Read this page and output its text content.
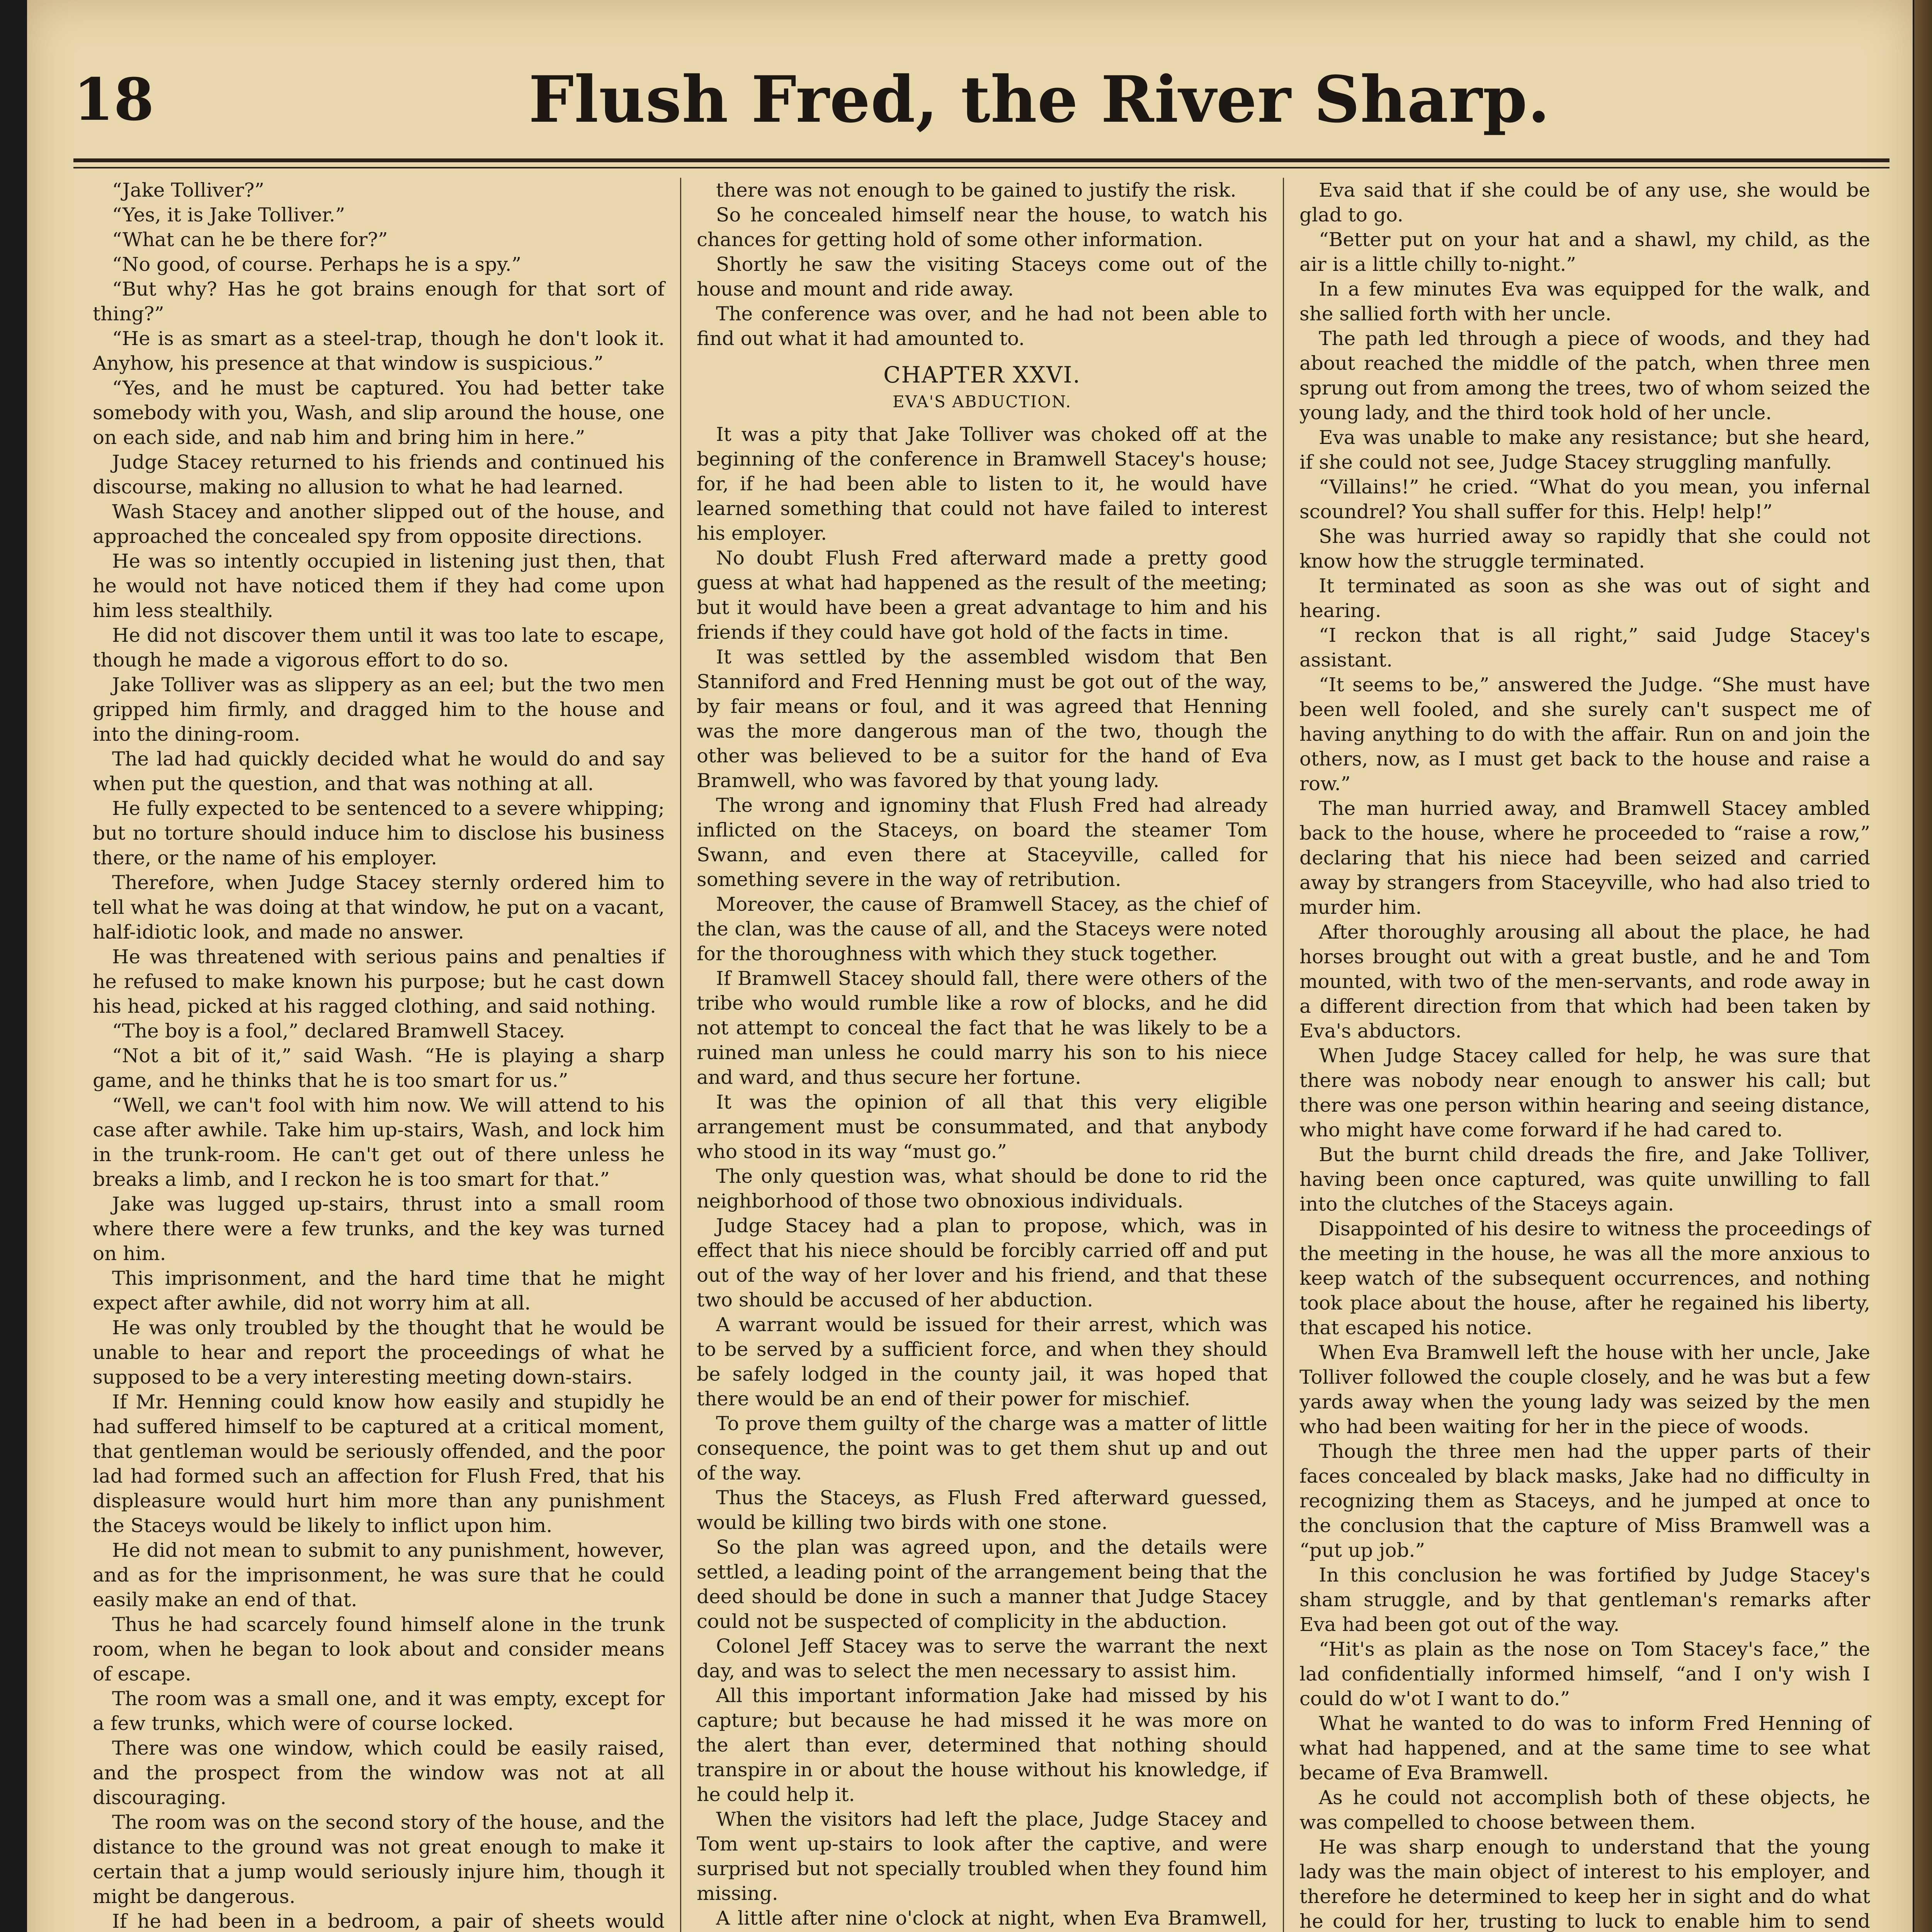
18	Flush Fred, the River Sharp.

“Jake Tolliver?”

“Yes, it is Jake Tolliver.”

“What can he be there for?”

“No good, of course. Perhaps he is a spy.”

“But why? Has he got brains enough for that sort of thing?”

“He is as smart as a steel-trap, though he don't look it. Anyhow, his presence at that window is suspicious.”

“Yes, and he must be captured. You had better take somebody with you, Wash, and slip around the house, one on each side, and nab him and bring him in here.”

Judge Stacey returned to his friends and continued his discourse, making no allusion to what he had learned.

Wash Stacey and another slipped out of the house, and approached the concealed spy from opposite directions.

He was so intently occupied in listening just then, that he would not have noticed them if they had come upon him less stealthily.

He did not discover them until it was too late to escape, though he made a vigorous effort to do so.

Jake Tolliver was as slippery as an eel; but the two men gripped him firmly, and dragged him to the house and into the dining-room.

The lad had quickly decided what he would do and say when put the question, and that was nothing at all.

He fully expected to be sentenced to a severe whipping; but no torture should induce him to disclose his business there, or the name of his employer.

Therefore, when Judge Stacey sternly ordered him to tell what he was doing at that window, he put on a vacant, half-idiotic look, and made no answer.

He was threatened with serious pains and penalties if he refused to make known his purpose; but he cast down his head, picked at his ragged clothing, and said nothing.

“The boy is a fool,” declared Bramwell Stacey.

“Not a bit of it,” said Wash. “He is playing a sharp game, and he thinks that he is too smart for us.”

“Well, we can't fool with him now. We will attend to his case after awhile. Take him up-stairs, Wash, and lock him in the trunk-room. He can't get out of there unless he breaks a limb, and I reckon he is too smart for that.”

Jake was lugged up-stairs, thrust into a small room where there were a few trunks, and the key was turned on him.

This imprisonment, and the hard time that he might expect after awhile, did not worry him at all.

He was only troubled by the thought that he would be unable to hear and report the proceedings of what he supposed to be a very interesting meeting down-stairs.

If Mr. Henning could know how easily and stupidly he had suffered himself to be captured at a critical moment, that gentleman would be seriously offended, and the poor lad had formed such an affection for Flush Fred, that his displeasure would hurt him more than any punishment the Staceys would be likely to inflict upon him.

He did not mean to submit to any punishment, however, and as for the imprisonment, he was sure that he could easily make an end of that.

Thus he had scarcely found himself alone in the trunk room, when he began to look about and consider means of escape.

The room was a small one, and it was empty, except for a few trunks, which were of course locked.

There was one window, which could be easily raised, and the prospect from the window was not at all discouraging.

The room was on the second story of the house, and the distance to the ground was not great enough to make it certain that a jump would seriously injure him, though it might be dangerous.

If he had been in a bedroom, a pair of sheets would

there was not enough to be gained to justify the risk.

So he concealed himself near the house, to watch his chances for getting hold of some other information.

Shortly he saw the visiting Staceys come out of the house and mount and ride away.

The conference was over, and he had not been able to find out what it had amounted to.

CHAPTER XXVI.
EVA'S ABDUCTION.

It was a pity that Jake Tolliver was choked off at the beginning of the conference in Bramwell Stacey's house; for, if he had been able to listen to it, he would have learned something that could not have failed to interest his employer.

No doubt Flush Fred afterward made a pretty good guess at what had happened as the result of the meeting; but it would have been a great advantage to him and his friends if they could have got hold of the facts in time.

It was settled by the assembled wisdom that Ben Stanniford and Fred Henning must be got out of the way, by fair means or foul, and it was agreed that Henning was the more dangerous man of the two, though the other was believed to be a suitor for the hand of Eva Bramwell, who was favored by that young lady.

The wrong and ignominy that Flush Fred had already inflicted on the Staceys, on board the steamer Tom Swann, and even there at Staceyville, called for something severe in the way of retribution.

Moreover, the cause of Bramwell Stacey, as the chief of the clan, was the cause of all, and the Staceys were noted for the thoroughness with which they stuck together.

If Bramwell Stacey should fall, there were others of the tribe who would rumble like a row of blocks, and he did not attempt to conceal the fact that he was likely to be a ruined man unless he could marry his son to his niece and ward, and thus secure her fortune.

It was the opinion of all that this very eligible arrangement must be consummated, and that anybody who stood in its way “must go.”

The only question was, what should be done to rid the neighborhood of those two obnoxious individuals.

Judge Stacey had a plan to propose, which, was in effect that his niece should be forcibly carried off and put out of the way of her lover and his friend, and that these two should be accused of her abduction.

A warrant would be issued for their arrest, which was to be served by a sufficient force, and when they should be safely lodged in the county jail, it was hoped that there would be an end of their power for mischief.

To prove them guilty of the charge was a matter of little consequence, the point was to get them shut up and out of the way.

Thus the Staceys, as Flush Fred afterward guessed, would be killing two birds with one stone.

So the plan was agreed upon, and the details were settled, a leading point of the arrangement being that the deed should be done in such a manner that Judge Stacey could not be suspected of complicity in the abduction.

Colonel Jeff Stacey was to serve the warrant the next day, and was to select the men necessary to assist him.

All this important information Jake had missed by his capture; but because he had missed it he was more on the alert than ever, determined that nothing should transpire in or about the house without his knowledge, if he could help it.

When the visitors had left the place, Judge Stacey and Tom went up-stairs to look after the captive, and were surprised but not specially troubled when they found him missing.

A little after nine o'clock at night, when Eva Bramwell,

Eva said that if she could be of any use, she would be glad to go.

“Better put on your hat and a shawl, my child, as the air is a little chilly to-night.”

In a few minutes Eva was equipped for the walk, and she sallied forth with her uncle.

The path led through a piece of woods, and they had about reached the middle of the patch, when three men sprung out from among the trees, two of whom seized the young lady, and the third took hold of her uncle.

Eva was unable to make any resistance; but she heard, if she could not see, Judge Stacey struggling manfully.

“Villains!” he cried. “What do you mean, you infernal scoundrel? You shall suffer for this. Help! help!”

She was hurried away so rapidly that she could not know how the struggle terminated.

It terminated as soon as she was out of sight and hearing.

“I reckon that is all right,” said Judge Stacey's assistant.

“It seems to be,” answered the Judge. “She must have been well fooled, and she surely can't suspect me of having anything to do with the affair. Run on and join the others, now, as I must get back to the house and raise a row.”

The man hurried away, and Bramwell Stacey ambled back to the house, where he proceeded to “raise a row,” declaring that his niece had been seized and carried away by strangers from Staceyville, who had also tried to murder him.

After thoroughly arousing all about the place, he had horses brought out with a great bustle, and he and Tom mounted, with two of the men-servants, and rode away in a different direction from that which had been taken by Eva's abductors.

When Judge Stacey called for help, he was sure that there was nobody near enough to answer his call; but there was one person within hearing and seeing distance, who might have come forward if he had cared to.

But the burnt child dreads the fire, and Jake Tolliver, having been once captured, was quite unwilling to fall into the clutches of the Staceys again.

Disappointed of his desire to witness the proceedings of the meeting in the house, he was all the more anxious to keep watch of the subsequent occurrences, and nothing took place about the house, after he regained his liberty, that escaped his notice.

When Eva Bramwell left the house with her uncle, Jake Tolliver followed the couple closely, and he was but a few yards away when the young lady was seized by the men who had been waiting for her in the piece of woods.

Though the three men had the upper parts of their faces concealed by black masks, Jake had no difficulty in recognizing them as Staceys, and he jumped at once to the conclusion that the capture of Miss Bramwell was a “put up job.”

In this conclusion he was fortified by Judge Stacey's sham struggle, and by that gentleman's remarks after Eva had been got out of the way.

“Hit's as plain as the nose on Tom Stacey's face,” the lad confidentially informed himself, “and I on'y wish I could do w'ot I want to do.”

What he wanted to do was to inform Fred Henning of what had happened, and at the same time to see what became of Eva Bramwell.

As he could not accomplish both of these objects, he was compelled to choose between them.

He was sharp enough to understand that the young lady was the main object of interest to his employer, and therefore he determined to keep her in sight and do what he could for her, trusting to luck to enable him to send
